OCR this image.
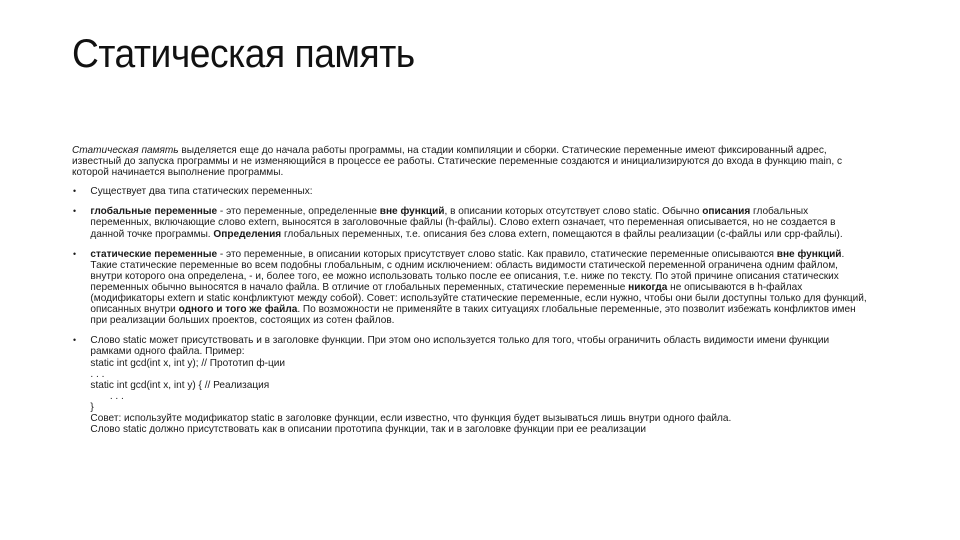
Статическая память

Статическая память выделяется еще до начала работы программы, на стадии компиляции и сборки. Статические переменные имеют фиксированный адрес, известный до запуска программы и не изменяющийся в процессе ее работы. Статические переменные создаются и инициализируются до входа в функцию main, с которой начинается выполнение программы.

• Существует два типа статических переменных:
• глобальные переменные - это переменные, определенные вне функций, в описании которых отсутствует слово static. Обычно описания глобальных переменных, включающие слово extern, выносятся в заголовочные файлы (h-файлы). Слово extern означает, что переменная описывается, но не создается в данной точке программы. Определения глобальных переменных, т.е. описания без слова extern, помещаются в файлы реализации (c-файлы или cpp-файлы).
• статические переменные - это переменные, в описании которых присутствует слово static. Как правило, статические переменные описываются вне функций. Такие статические переменные во всем подобны глобальным, с одним исключением: область видимости статической переменной ограничена одним файлом, внутри которого она определена, - и, более того, ее можно использовать только после ее описания, т.е. ниже по тексту. По этой причине описания статических переменных обычно выносятся в начало файла. В отличие от глобальных переменных, статические переменные никогда не описываются в h-файлах (модификаторы extern и static конфликтуют между собой). Совет: используйте статические переменные, если нужно, чтобы они были доступны только для функций, описанных внутри одного и того же файла. По возможности не применяйте в таких ситуациях глобальные переменные, это позволит избежать конфликтов имен при реализации больших проектов, состоящих из сотен файлов.
• Слово static может присутствовать и в заголовке функции. При этом оно используется только для того, чтобы ограничить область видимости имени функции рамками одного файла. Пример:
static int gcd(int x, int y); // Прототип ф-ции
. . .
static int gcd(int x, int y) { // Реализация
. . .
}
Совет: используйте модификатор static в заголовке функции, если известно, что функция будет вызываться лишь внутри одного файла.
Слово static должно присутствовать как в описании прототипа функции, так и в заголовке функции при ее реализации
